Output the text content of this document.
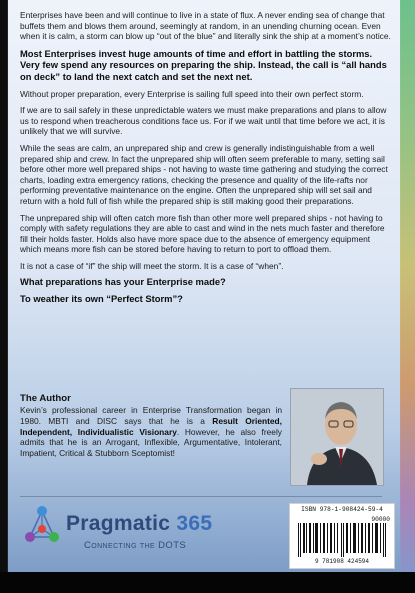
Enterprises have been and will continue to live in a state of flux. A never ending sea of change that buffets them and blows them around, seemingly at random, in an unending churning ocean. Even when it is calm, a storm can blow up “out of the blue” and literally sink the ship at a moment’s notice.

Most Enterprises invest huge amounts of time and effort in battling the storms. Very few spend any resources on preparing the ship. Instead, the call is “all hands on deck” to land the next catch and set the next net.

Without proper preparation, every Enterprise is sailing full speed into their own perfect storm.

If we are to sail safely in these unpredictable waters we must make preparations and plans to allow us to respond when treacherous conditions face us. For if we wait until that time before we act, it is unlikely that we will survive.

While the seas are calm, an unprepared ship and crew is generally indistinguishable from a well prepared ship and crew. In fact the unprepared ship will often seem preferable to many, setting sail before other more well prepared ships - not having to waste time gathering and studying the correct charts, loading extra emergency rations, checking the presence and quality of the life-rafts nor performing preventative maintenance on the engine. Often the unprepared ship will set sail and return with a hold full of fish while the prepared ship is still making good their preparations.

The unprepared ship will often catch more fish than other more well prepared ships - not having to comply with safety regulations they are able to cast and wind in the nets much faster and therefore fill their holds faster. Holds also have more space due to the absence of emergency equipment which means more fish can be stored before having to return to port to offload them.

It is not a case of “if” the ship will meet the storm. It is a case of “when”.

What preparations has your Enterprise made?

To weather its own “Perfect Storm”?

The Author
Kevin’s professional career in Enterprise Transformation began in 1980. MBTI and DISC says that he is a Result Oriented, Independent, Individualistic Visionary. However, he also freely admits that he is an Arrogant, Inflexible, Argumentative, Intolerant, Impatient, Critical & Stubborn Sceptomist!
Pragmatic 365
Connecting the DOTS
ISBN 978-1-908424-59-4
90000
9 781908 424594
